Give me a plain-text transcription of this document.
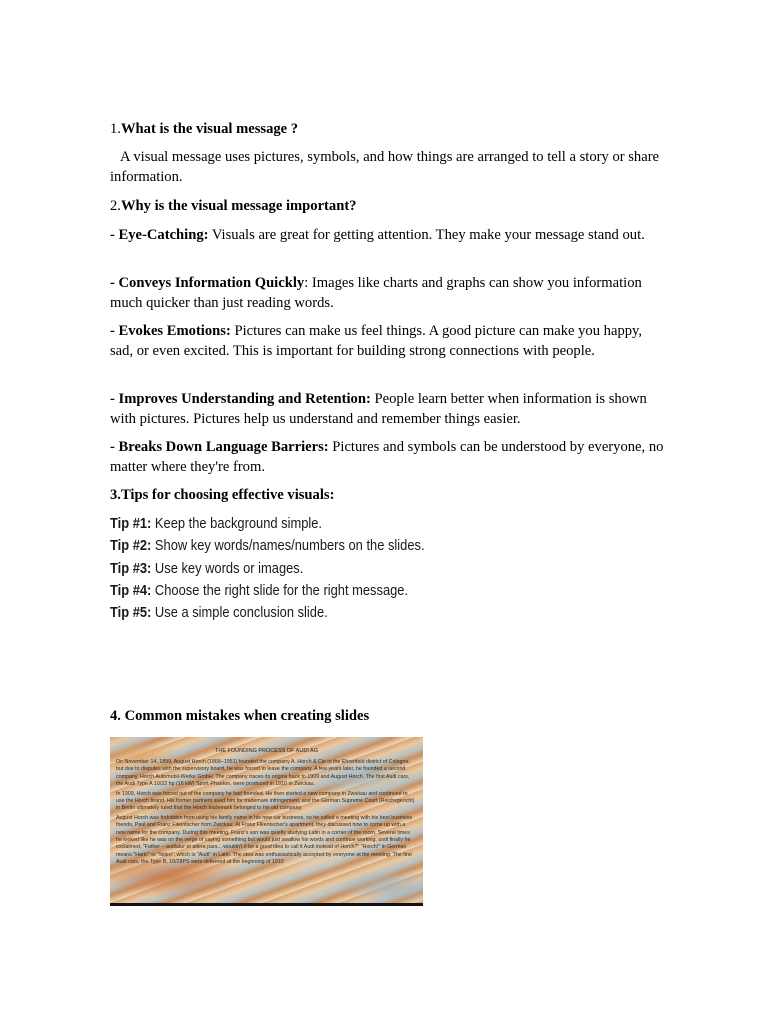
1.What is the visual message ?
A visual message uses pictures, symbols, and how things are arranged to tell a story or share information.
2.Why is the visual message important?
- Eye-Catching: Visuals are great for getting attention. They make your message stand out.
- Conveys Information Quickly: Images like charts and graphs can show you information much quicker than just reading words.
- Evokes Emotions: Pictures can make us feel things. A good picture can make you happy, sad, or even excited. This is important for building strong connections with people.
- Improves Understanding and Retention: People learn better when information is shown with pictures. Pictures help us understand and remember things easier.
- Breaks Down Language Barriers: Pictures and symbols can be understood by everyone, no matter where they're from.
3.Tips for choosing effective visuals:
Tip #1: Keep the background simple.
Tip #2: Show key words/names/numbers on the slides.
Tip #3: Use key words or images.
Tip #4: Choose the right slide for the right message.
Tip #5: Use a simple conclusion slide.
4. Common mistakes when creating slides
THE FOUNDING PROCESS OF AUDI AG

On November 14, 1899, August Horch (1868–1951) founded the company A. Horch & Cie in the Ehrenfeld district of Cologne, but due to disputes with the supervisory board, he was forced to leave the company. A few years later, he founded a second company, Horch Automobil-Werke GmbH. The company traces its origins back to 1909 and August Horch. The first Audi cars, the Audi Type A 10/22 hp (16 kW) Sport-Phaeton, were produced in 1910 in Zwickau.

In 1909, Horch was forced out of the company he had founded. He then started a new company in Zwickau and continued to use the Horch brand. His former partners sued him for trademark infringement, and the German Supreme Court (Reichsgericht) in Berlin ultimately ruled that the Horch trademark belonged to his old company.

August Horch was forbidden from using his family name in his new car business, so he called a meeting with his best business friends, Paul and Franz Fikentscher from Zwickau. At Franz Fikentscher's apartment, they discussed how to come up with a new name for the company. During this meeting, Franz's son was quietly studying Latin in a corner of the room. Several times he looked like he was on the verge of saying something but would just swallow his words and continue working, until finally he exclaimed, "Father – audiatur et altera pars... wouldn't it be a good idea to call it Audi instead of Horch?" "Horch!" in German means "Hark!" or "listen", which is "Audi" in Latin. The idea was enthusiastically accepted by everyone at the meeting. The first Audi cars, the Type B, 10/28PS were delivered at the beginning of 1910
